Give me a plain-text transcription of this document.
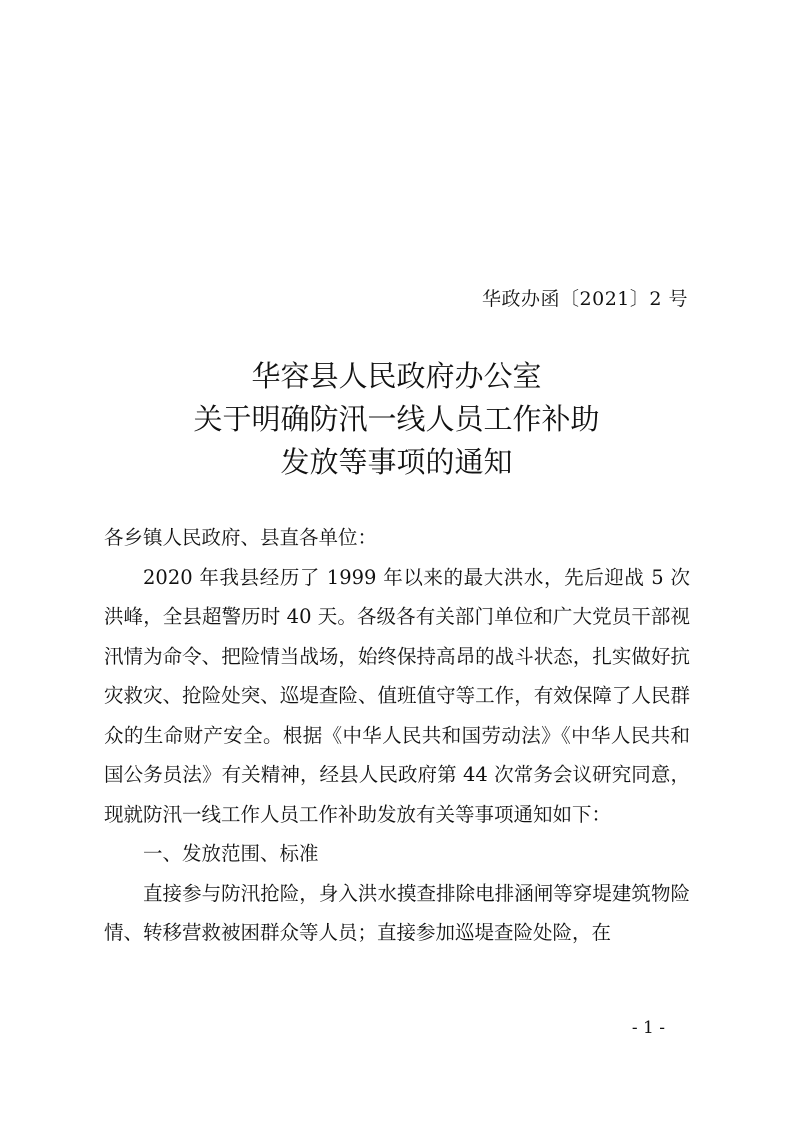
华政办函〔2021〕2 号
华容县人民政府办公室
关于明确防汛一线人员工作补助
发放等事项的通知

各乡镇人民政府、县直各单位：

2020 年我县经历了 1999 年以来的最大洪水，先后迎战 5 次洪峰，全县超警历时 40 天。各级各有关部门单位和广大党员干部视汛情为命令、把险情当战场，始终保持高昂的战斗状态，扎实做好抗灾救灾、抢险处突、巡堤查险、值班值守等工作，有效保障了人民群众的生命财产安全。根据《中华人民共和国劳动法》《中华人民共和国公务员法》有关精神，经县人民政府第 44 次常务会议研究同意，现就防汛一线工作人员工作补助发放有关等事项通知如下：

一、发放范围、标准

直接参与防汛抢险，身入洪水摸查排除电排涵闸等穿堤建筑物险情、转移营救被困群众等人员；直接参加巡堤查险处险，在

- 1 -
